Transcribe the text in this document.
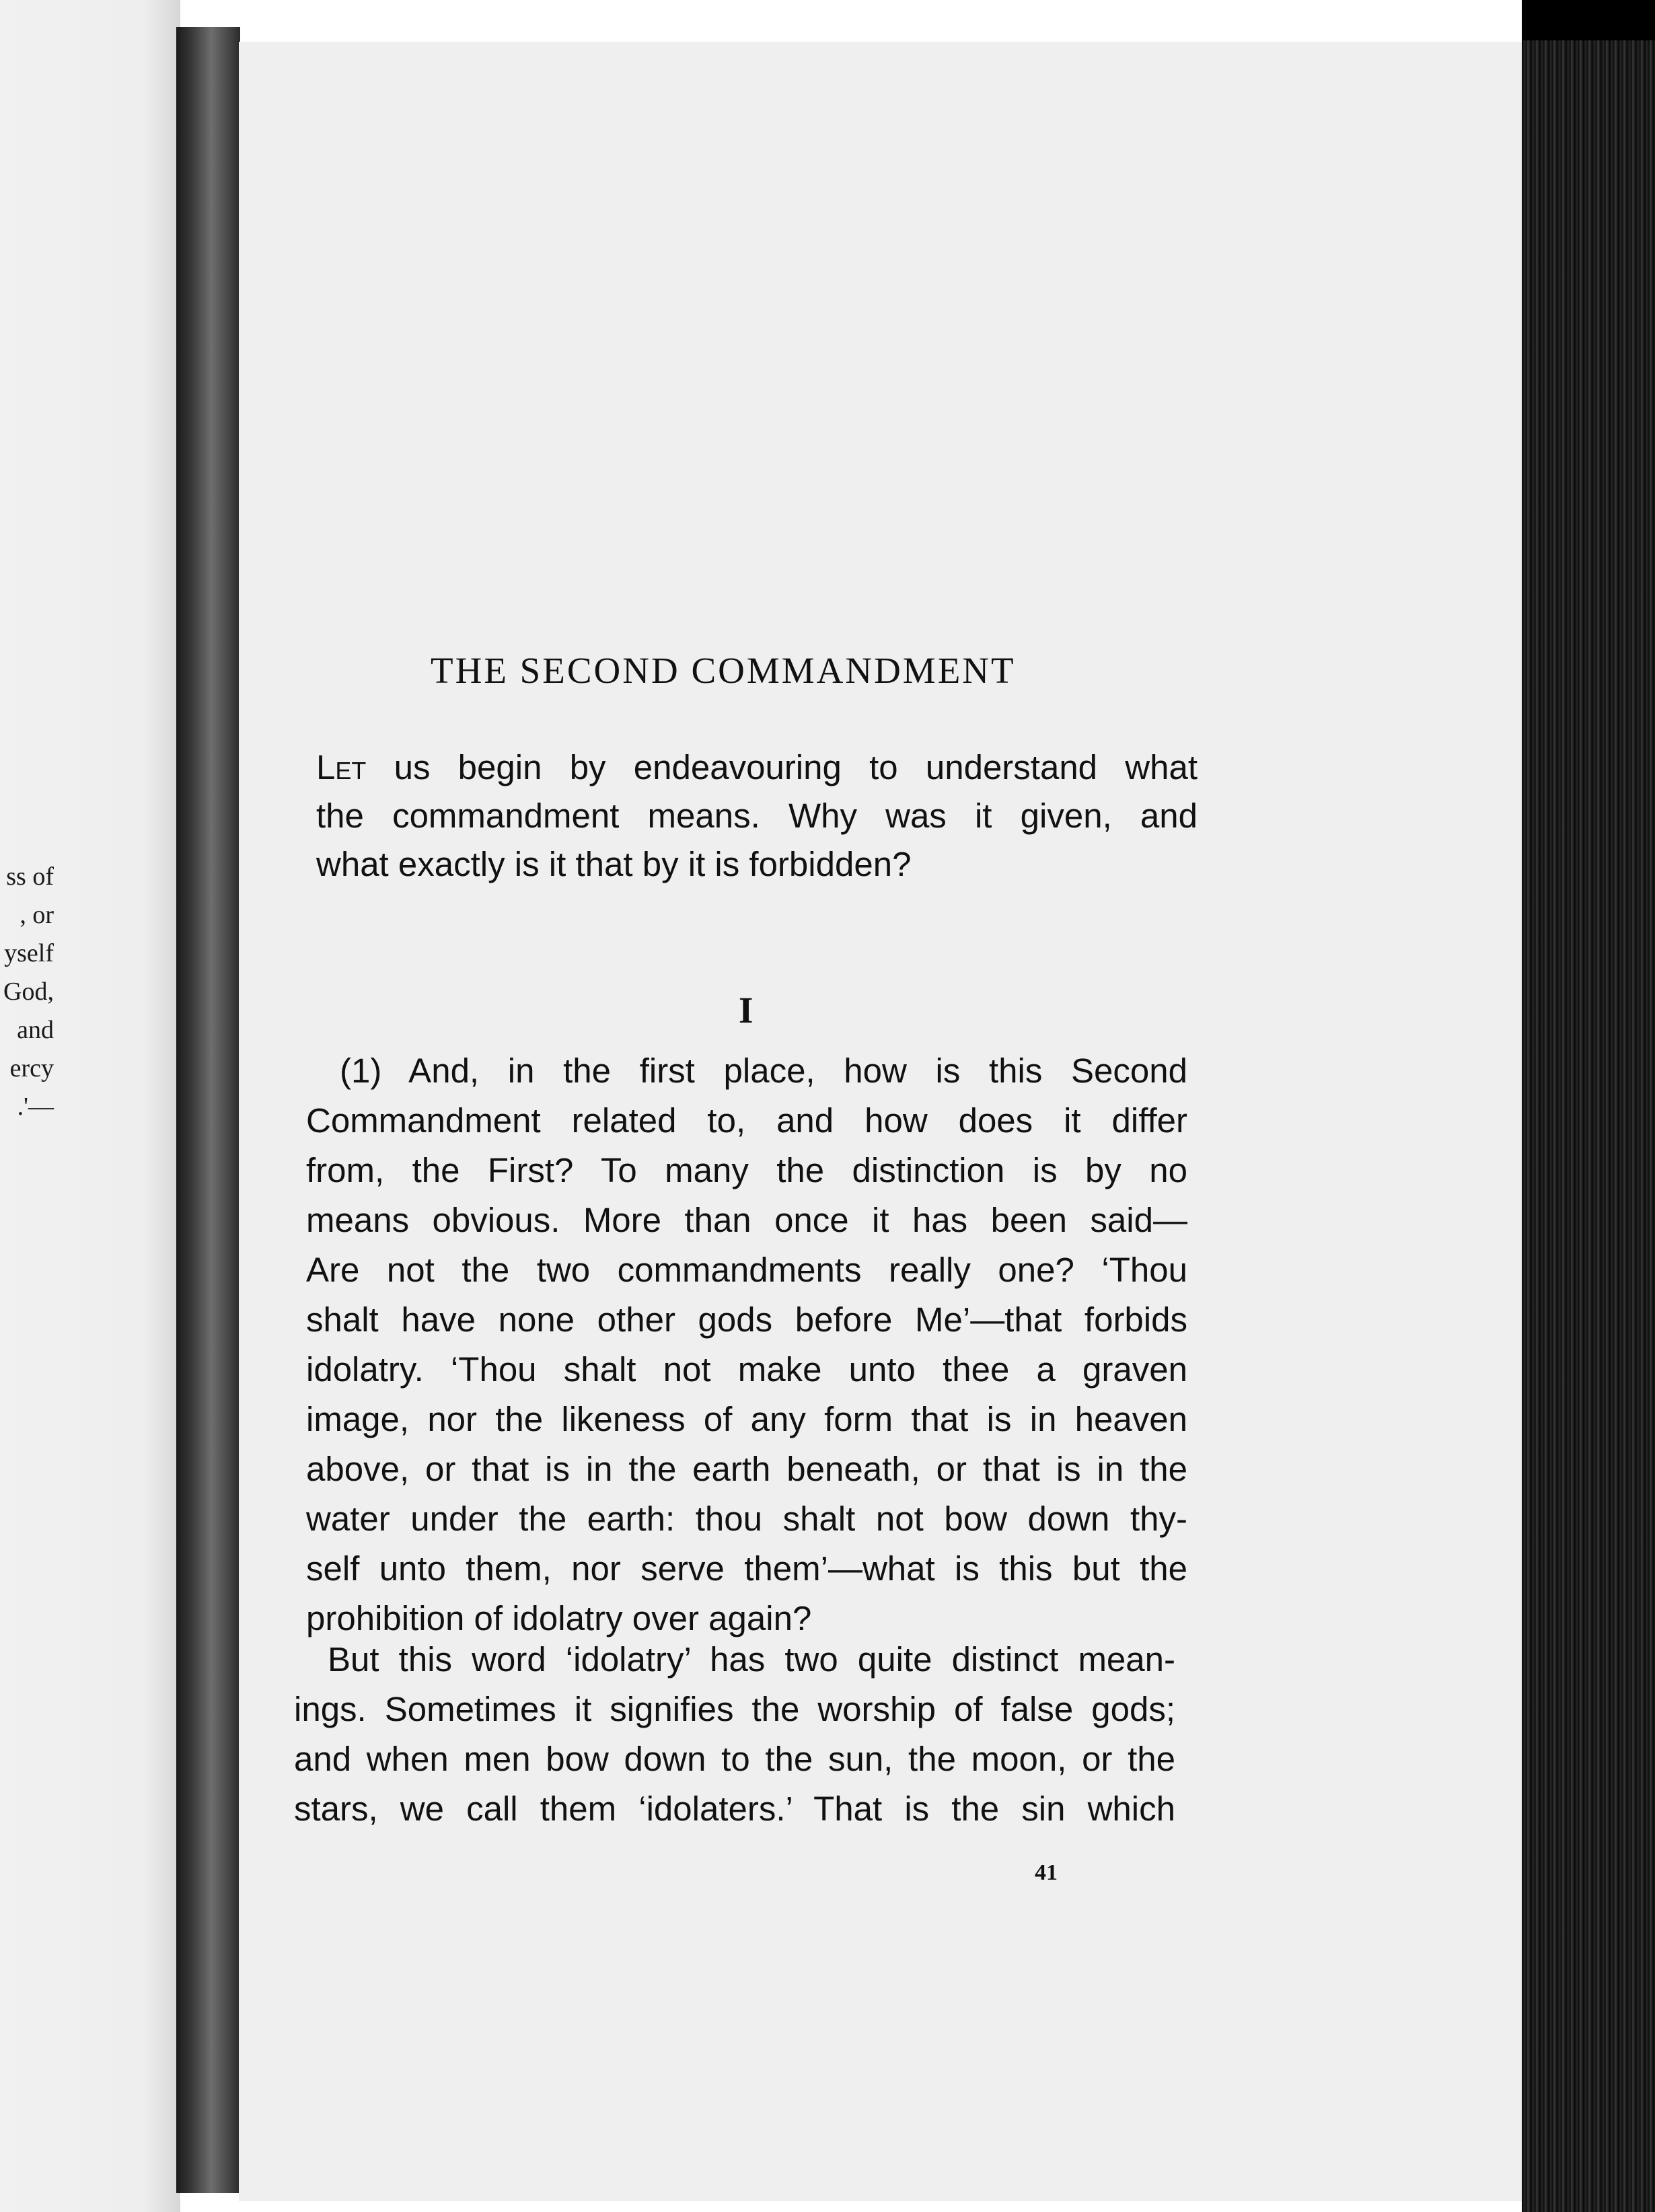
ss of
, or
yself
God,
and
ercy
.'—
THE SECOND COMMANDMENT
Let us begin by endeavouring to understand what
the commandment means. Why was it given, and
what exactly is it that by it is forbidden?
I
(1) And, in the first place, how is this Second
Commandment related to, and how does it differ
from, the First? To many the distinction is by no
means obvious. More than once it has been said—
Are not the two commandments really one? ‘Thou
shalt have none other gods before Me’—that forbids
idolatry. ‘Thou shalt not make unto thee a graven
image, nor the likeness of any form that is in heaven
above, or that is in the earth beneath, or that is in the
water under the earth: thou shalt not bow down thy-
self unto them, nor serve them’—what is this but the
prohibition of idolatry over again?
But this word ‘idolatry’ has two quite distinct mean-
ings. Sometimes it signifies the worship of false gods;
and when men bow down to the sun, the moon, or the
stars, we call them ‘idolaters.’ That is the sin which
41
